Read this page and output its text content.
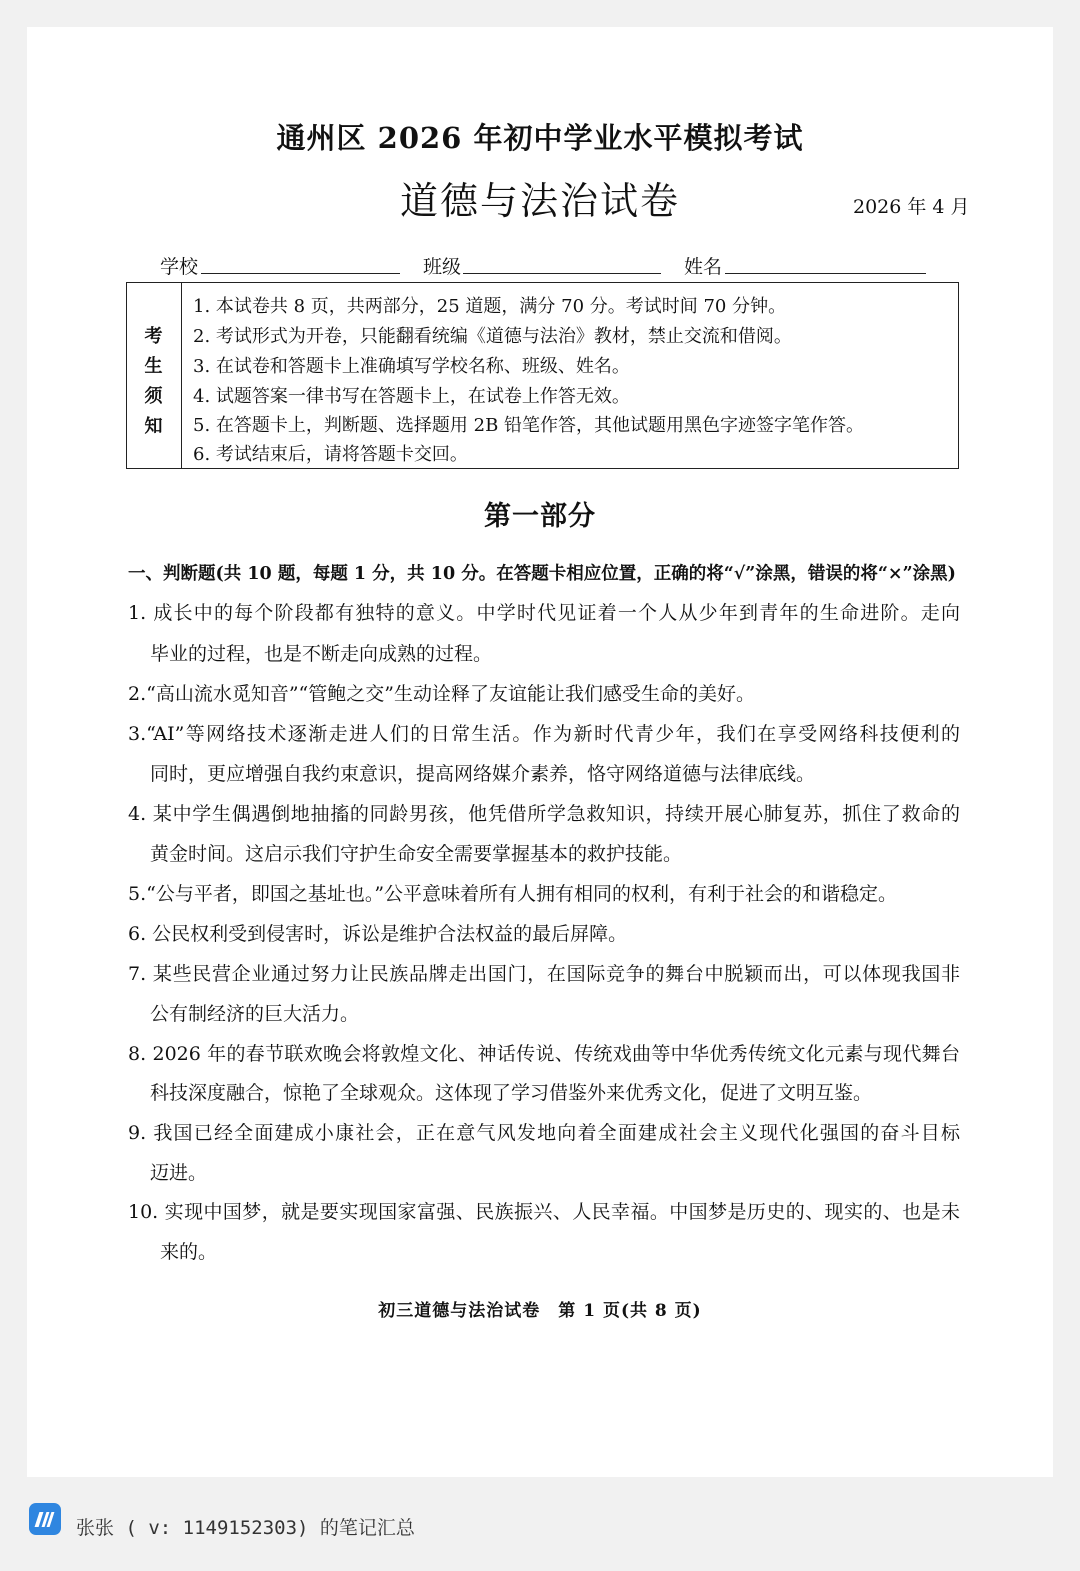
通州区 2026 年初中学业水平模拟考试
道德与法治试卷	2026 年 4 月
学校	班级	姓名
考
生
须
知
1. 本试卷共 8 页，共两部分，25 道题，满分 70 分。考试时间 70 分钟。
2. 考试形式为开卷，只能翻看统编《道德与法治》教材，禁止交流和借阅。
3. 在试卷和答题卡上准确填写学校名称、班级、姓名。
4. 试题答案一律书写在答题卡上，在试卷上作答无效。
5. 在答题卡上，判断题、选择题用 2B 铅笔作答，其他试题用黑色字迹签字笔作答。
6. 考试结束后，请将答题卡交回。
第一部分
一、判断题(共 10 题，每题 1 分，共 10 分。在答题卡相应位置，正确的将“√”涂黑，错误的将“×”涂黑)
1. 成长中的每个阶段都有独特的意义。中学时代见证着一个人从少年到青年的生命进阶。走向
毕业的过程，也是不断走向成熟的过程。
2.“高山流水觅知音”“管鲍之交”生动诠释了友谊能让我们感受生命的美好。
3.“AI”等网络技术逐渐走进人们的日常生活。作为新时代青少年，我们在享受网络科技便利的
同时，更应增强自我约束意识，提高网络媒介素养，恪守网络道德与法律底线。
4. 某中学生偶遇倒地抽搐的同龄男孩，他凭借所学急救知识，持续开展心肺复苏，抓住了救命的
黄金时间。这启示我们守护生命安全需要掌握基本的救护技能。
5.“公与平者，即国之基址也。”公平意味着所有人拥有相同的权利，有利于社会的和谐稳定。
6. 公民权利受到侵害时，诉讼是维护合法权益的最后屏障。
7. 某些民营企业通过努力让民族品牌走出国门，在国际竞争的舞台中脱颖而出，可以体现我国非
公有制经济的巨大活力。
8. 2026 年的春节联欢晚会将敦煌文化、神话传说、传统戏曲等中华优秀传统文化元素与现代舞台
科技深度融合，惊艳了全球观众。这体现了学习借鉴外来优秀文化，促进了文明互鉴。
9. 我国已经全面建成小康社会，正在意气风发地向着全面建成社会主义现代化强国的奋斗目标
迈进。
10. 实现中国梦，就是要实现国家富强、民族振兴、人民幸福。中国梦是历史的、现实的、也是未
来的。
初三道德与法治试卷　第 1 页(共 8 页)
张张 ( v: 1149152303) 的笔记汇总
